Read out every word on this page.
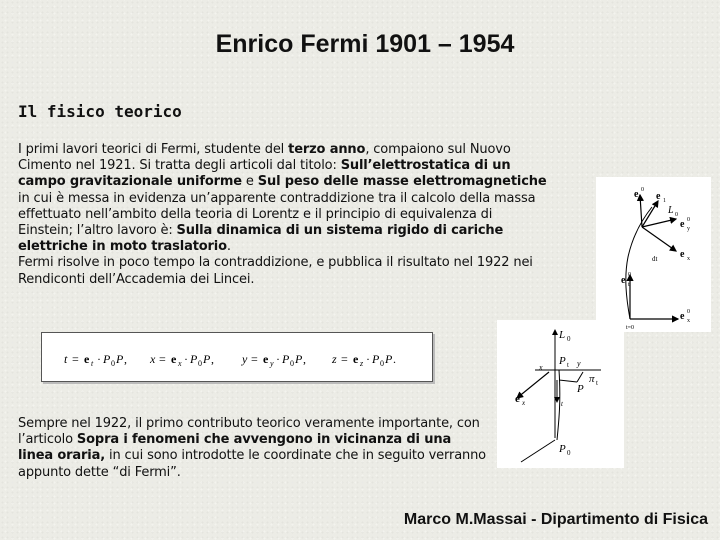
Enrico Fermi 1901 – 1954
Il fisico teorico
I primi lavori teorici di Fermi, studente del terzo anno, compaiono sul Nuovo Cimento nel 1921. Si tratta degli articoli dal titolo: Sull’elettrostatica di un campo gravitazionale uniforme e Sul peso delle masse elettromagnetiche in cui è messa in evidenza un’apparente contraddizione tra il calcolo della massa effettuato nell’ambito della teoria di Lorentz e il principio di equivalenza di Einstein; l’altro lavoro è: Sulla dinamica di un sistema rigido di cariche elettriche in moto traslatorio.
Fermi risolve in poco tempo la contraddizione, e pubblica il risultato nel 1922 nei Rendiconti dell’Accademia dei Lincei.
t = e t · P 0 P , x = e x · P 0 P , y = e y · P 0 P , z = e z · P 0 P .
Sempre nel 1922, il primo contributo teorico veramente importante, con l’articolo Sopra i fenomeni che avvengono in vicinanza di una linea oraria, in cui sono introdotte le coordinate che in seguito verranno appunto dette “di Fermi”.
e t
0
e 1
L 0
e y
0
e x
dt
e t
0
e x
0
t=0
L 0
P t
x	y
P
π t
e x	t
P 0
Marco M.Massai - Dipartimento di Fisica
